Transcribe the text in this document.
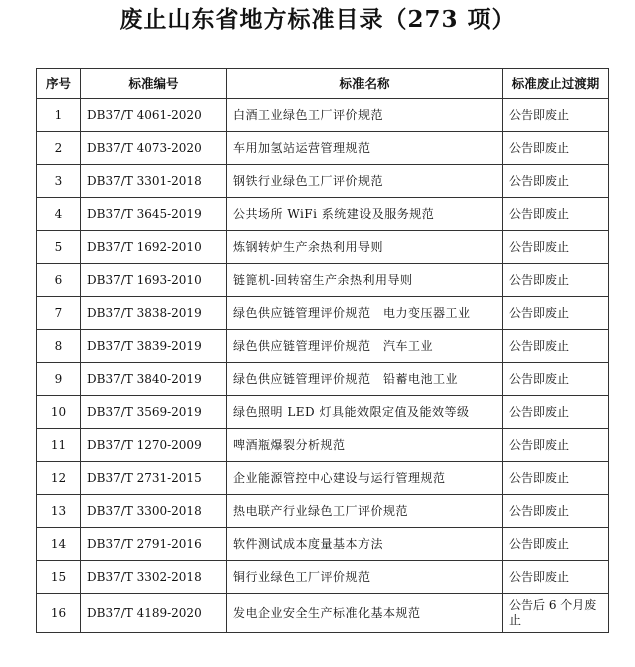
废止山东省地方标准目录（273 项）
序号	标准编号	标准名称	标准废止过渡期
1	DB37/T 4061-2020	白酒工业绿色工厂评价规范	公告即废止
2	DB37/T 4073-2020	车用加氢站运营管理规范	公告即废止
3	DB37/T 3301-2018	钢铁行业绿色工厂评价规范	公告即废止
4	DB37/T 3645-2019	公共场所 WiFi 系统建设及服务规范	公告即废止
5	DB37/T 1692-2010	炼钢转炉生产余热利用导则	公告即废止
6	DB37/T 1693-2010	链篦机-回转窑生产余热利用导则	公告即废止
7	DB37/T 3838-2019	绿色供应链管理评价规范　电力变压器工业	公告即废止
8	DB37/T 3839-2019	绿色供应链管理评价规范　汽车工业	公告即废止
9	DB37/T 3840-2019	绿色供应链管理评价规范　铅蓄电池工业	公告即废止
10	DB37/T 3569-2019	绿色照明 LED 灯具能效限定值及能效等级	公告即废止
11	DB37/T 1270-2009	啤酒瓶爆裂分析规范	公告即废止
12	DB37/T 2731-2015	企业能源管控中心建设与运行管理规范	公告即废止
13	DB37/T 3300-2018	热电联产行业绿色工厂评价规范	公告即废止
14	DB37/T 2791-2016	软件测试成本度量基本方法	公告即废止
15	DB37/T 3302-2018	铜行业绿色工厂评价规范	公告即废止
16	DB37/T 4189-2020	发电企业安全生产标准化基本规范	公告后 6 个月废止
